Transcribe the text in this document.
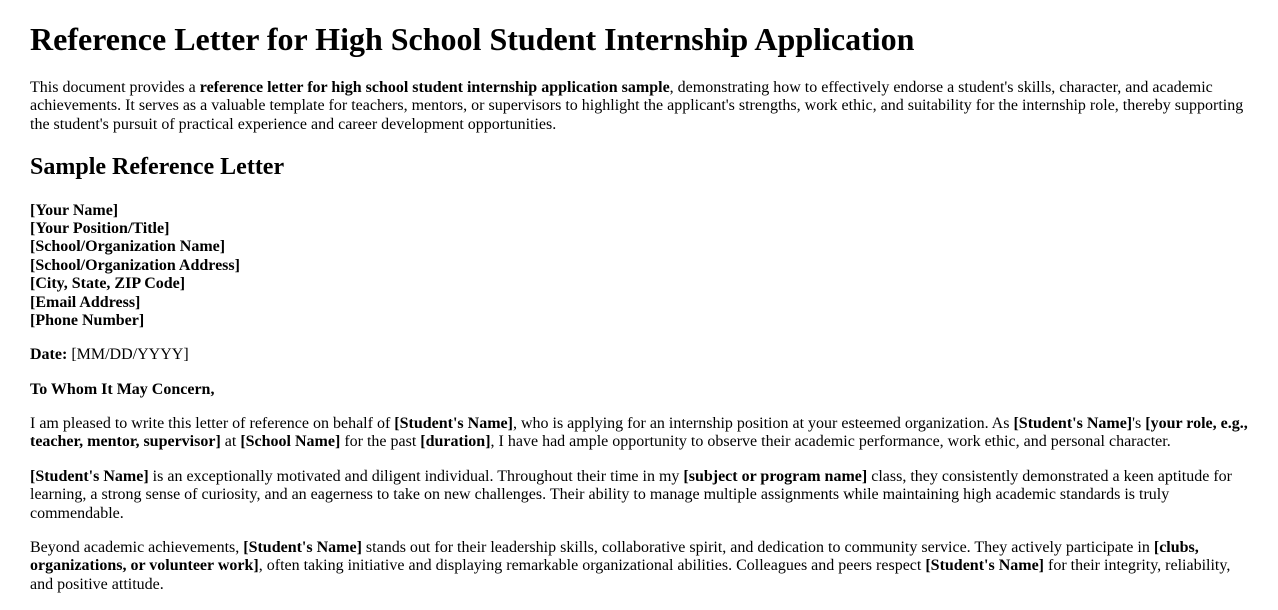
Reference Letter for High School Student Internship Application

This document provides a reference letter for high school student internship application sample, demonstrating how to effectively endorse a student's skills, character, and academic achievements. It serves as a valuable template for teachers, mentors, or supervisors to highlight the applicant's strengths, work ethic, and suitability for the internship role, thereby supporting the student's pursuit of practical experience and career development opportunities.

Sample Reference Letter

[Your Name]
[Your Position/Title]
[School/Organization Name]
[School/Organization Address]
[City, State, ZIP Code]
[Email Address]
[Phone Number]

Date: [MM/DD/YYYY]

To Whom It May Concern,

I am pleased to write this letter of reference on behalf of [Student's Name], who is applying for an internship position at your esteemed organization. As [Student's Name]'s [your role, e.g., teacher, mentor, supervisor] at [School Name] for the past [duration], I have had ample opportunity to observe their academic performance, work ethic, and personal character.

[Student's Name] is an exceptionally motivated and diligent individual. Throughout their time in my [subject or program name] class, they consistently demonstrated a keen aptitude for learning, a strong sense of curiosity, and an eagerness to take on new challenges. Their ability to manage multiple assignments while maintaining high academic standards is truly commendable.

Beyond academic achievements, [Student's Name] stands out for their leadership skills, collaborative spirit, and dedication to community service. They actively participate in [clubs, organizations, or volunteer work], often taking initiative and displaying remarkable organizational abilities. Colleagues and peers respect [Student's Name] for their integrity, reliability, and positive attitude.
